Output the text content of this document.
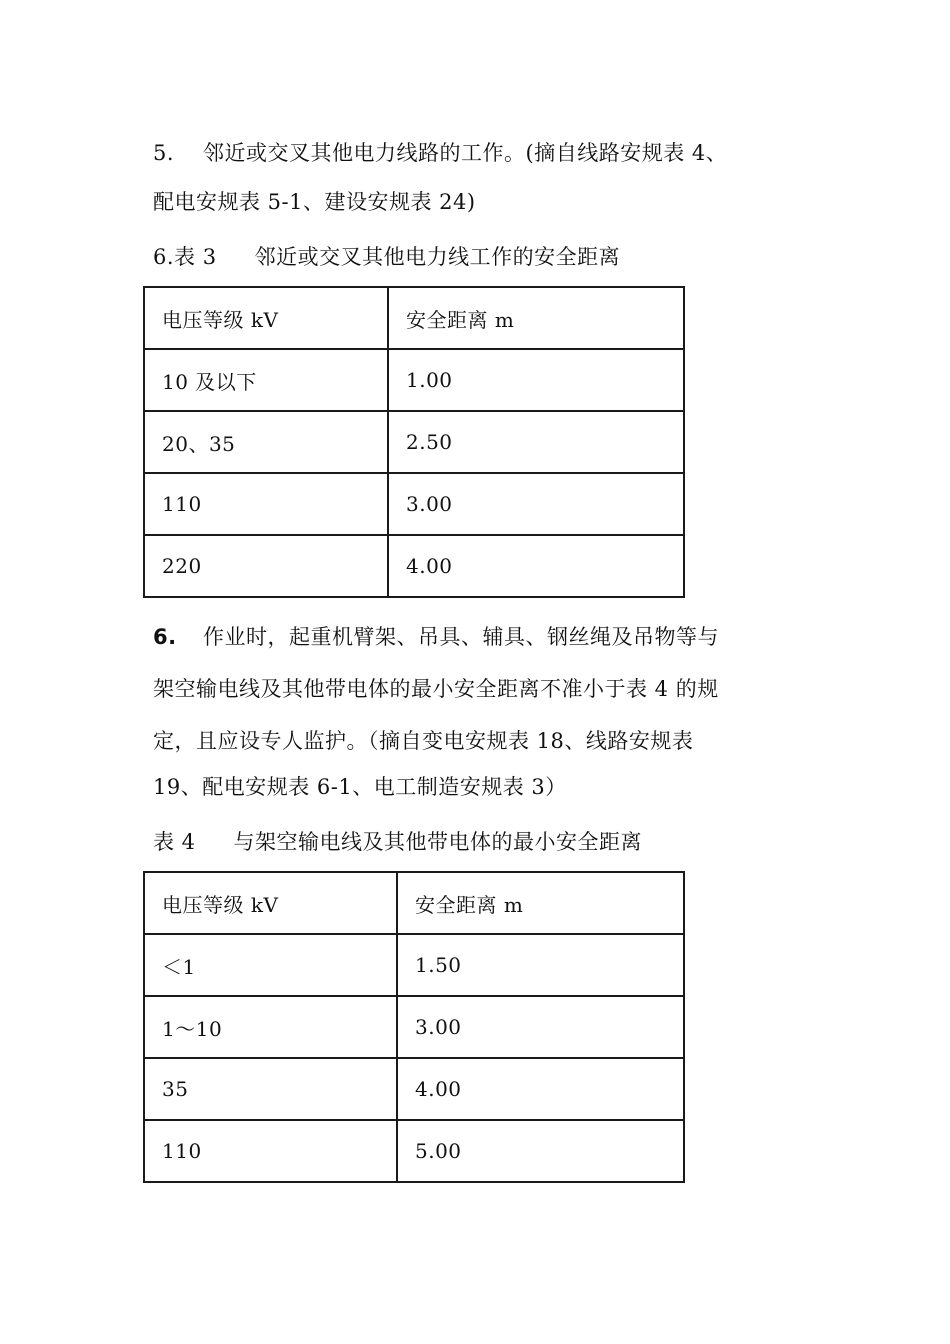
5. 邻近或交叉其他电力线路的工作。(摘自线路安规表 4、
配电安规表 5-1、建设安规表 24)
6.表 3 邻近或交叉其他电力线工作的安全距离
电压等级 kV	安全距离 m
10 及以下	1.00
20、35	2.50
110	3.00
220	4.00
6. 作业时，起重机臂架、吊具、辅具、钢丝绳及吊物等与
架空输电线及其他带电体的最小安全距离不准小于表 4 的规
定，且应设专人监护。（摘自变电安规表 18、线路安规表
19、配电安规表 6-1、电工制造安规表 3）
表 4 与架空输电线及其他带电体的最小安全距离
电压等级 kV	安全距离 m
＜1	1.50
1～10	3.00
35	4.00
110	5.00
